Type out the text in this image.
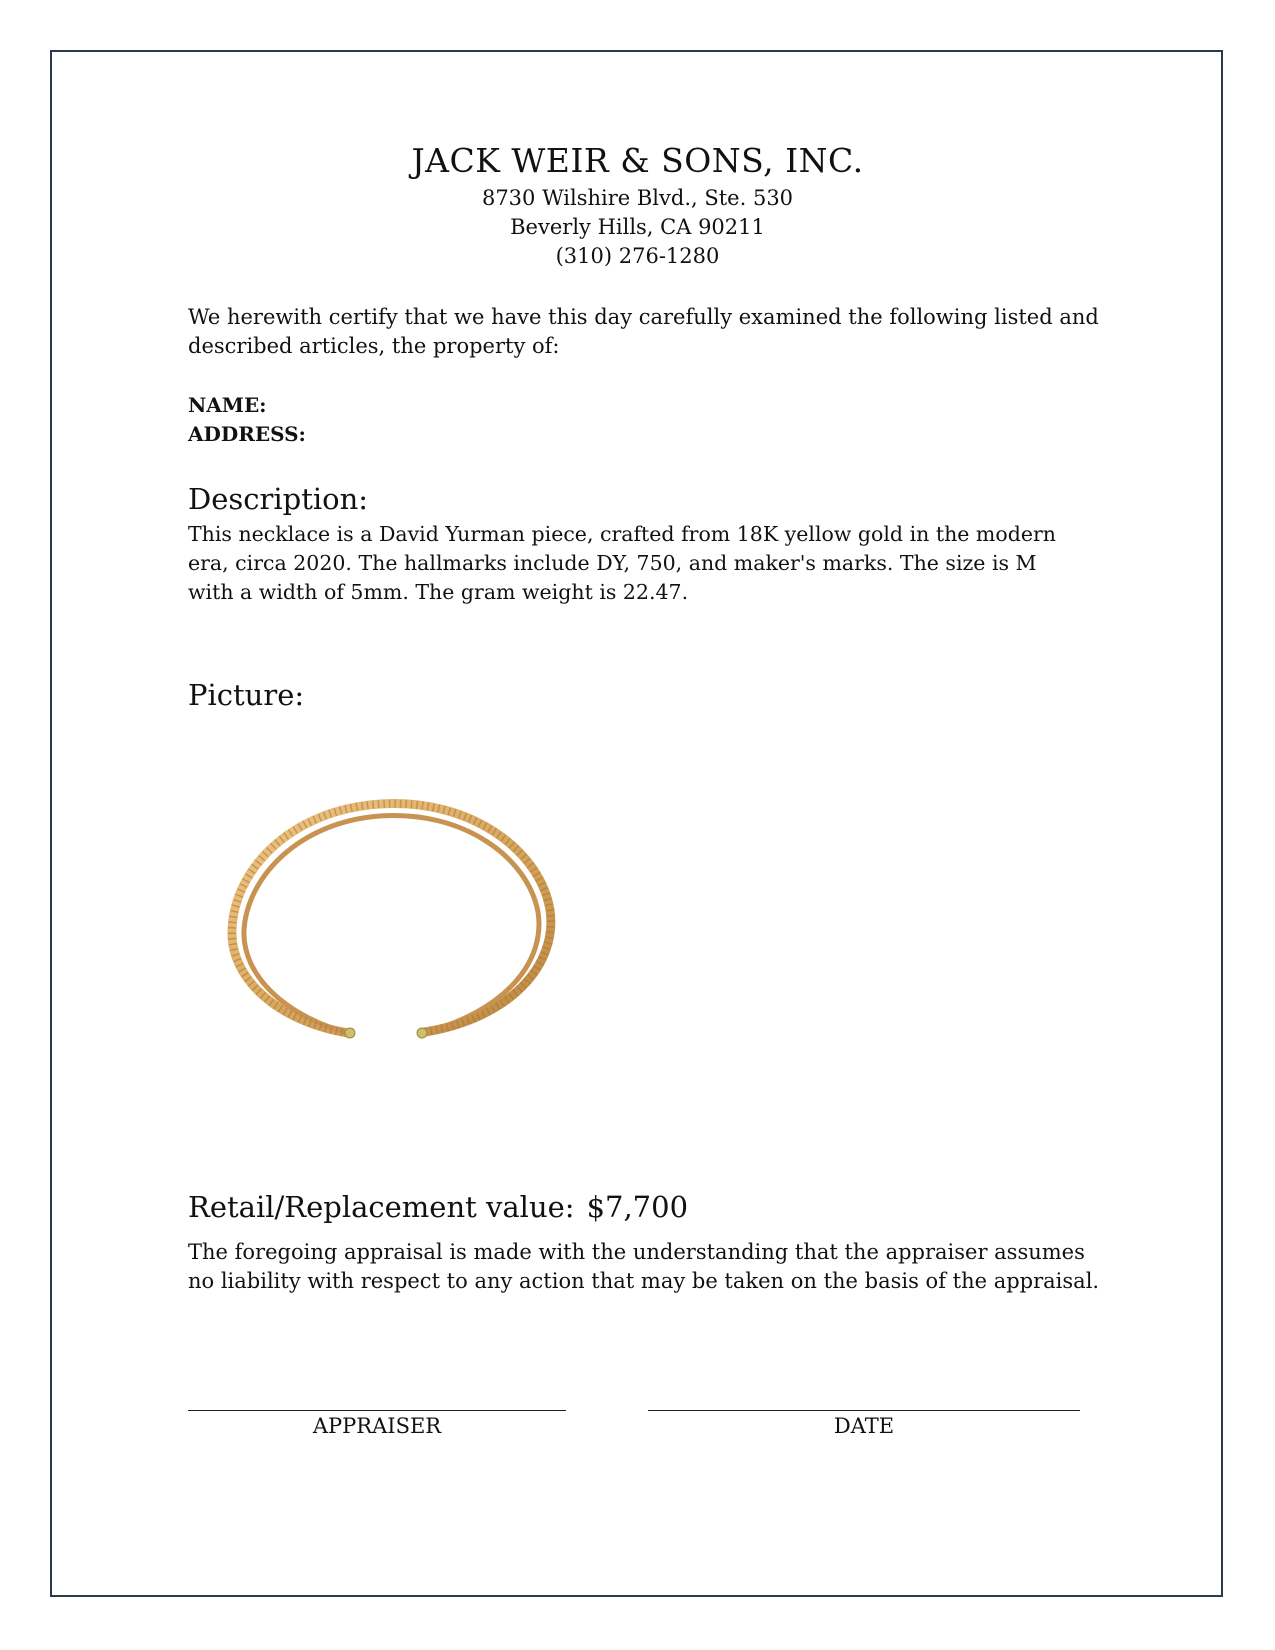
JACK WEIR & SONS, INC.
8730 Wilshire Blvd., Ste. 530
Beverly Hills, CA 90211
(310) 276-1280
We herewith certify that we have this day carefully examined the following listed and
described articles, the property of:
NAME:
ADDRESS:
Description:
This necklace is a David Yurman piece, crafted from 18K yellow gold in the modern
era, circa 2020. The hallmarks include DY, 750, and maker's marks. The size is M
with a width of 5mm. The gram weight is 22.47.
Picture:
Retail/Replacement value: $7,700
The foregoing appraisal is made with the understanding that the appraiser assumes
no liability with respect to any action that may be taken on the basis of the appraisal.
APPRAISER	DATE
